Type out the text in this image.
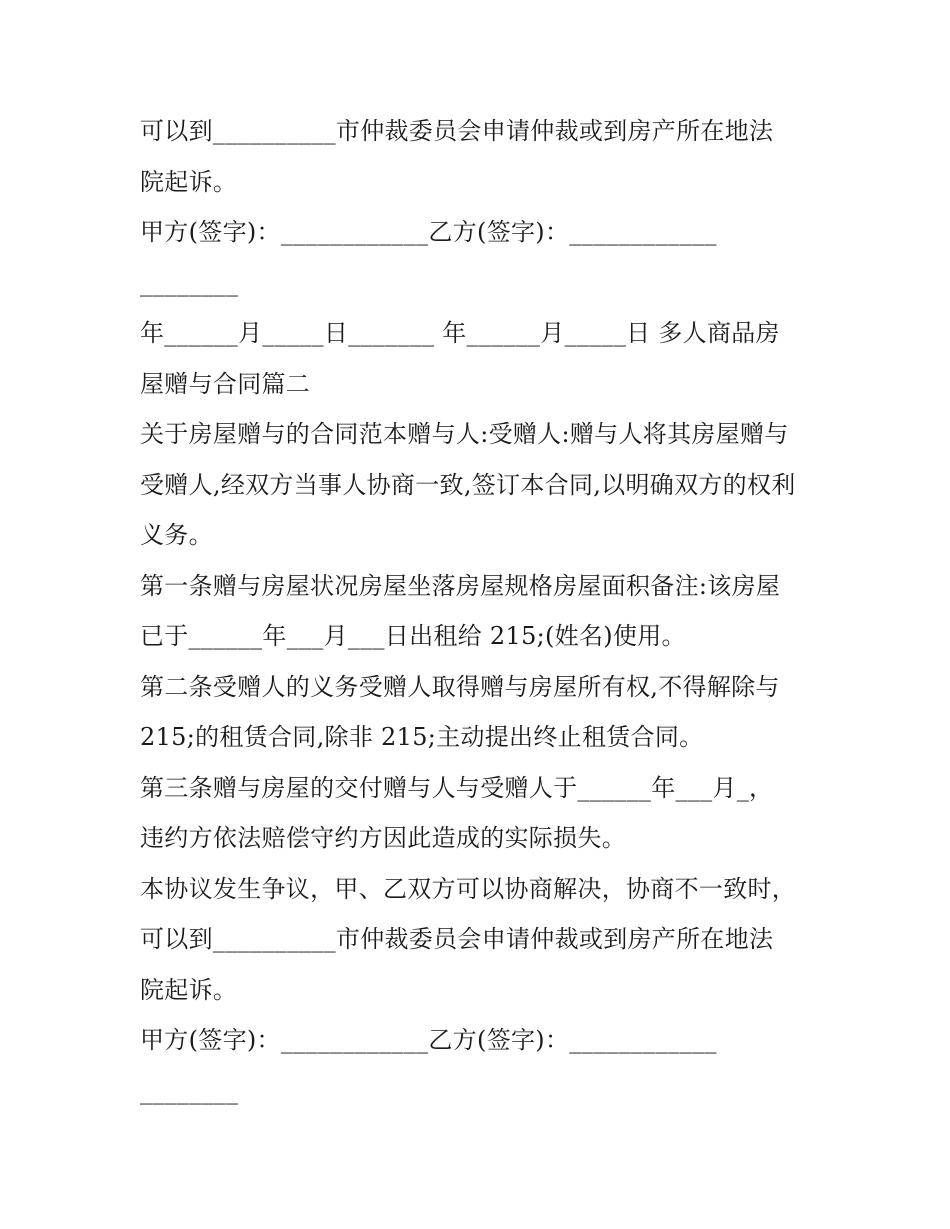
可以到__________市仲裁委员会申请仲裁或到房产所在地法
院起诉。
甲方(签字)：____________乙方(签字)：____________
________
年______月_____日_______ 年______月_____日 多人商品房
屋赠与合同篇二
关于房屋赠与的合同范本赠与人:受赠人:赠与人将其房屋赠与
受赠人,经双方当事人协商一致,签订本合同,以明确双方的权利
义务。
第一条赠与房屋状况房屋坐落房屋规格房屋面积备注:该房屋
已于______年___月___日出租给 215;(姓名)使用。
第二条受赠人的义务受赠人取得赠与房屋所有权,不得解除与
215;的租赁合同,除非 215;主动提出终止租赁合同。
第三条赠与房屋的交付赠与人与受赠人于______年___月_，
违约方依法赔偿守约方因此造成的实际损失。
本协议发生争议，甲、乙双方可以协商解决，协商不一致时，
可以到__________市仲裁委员会申请仲裁或到房产所在地法
院起诉。
甲方(签字)：____________乙方(签字)：____________
________
